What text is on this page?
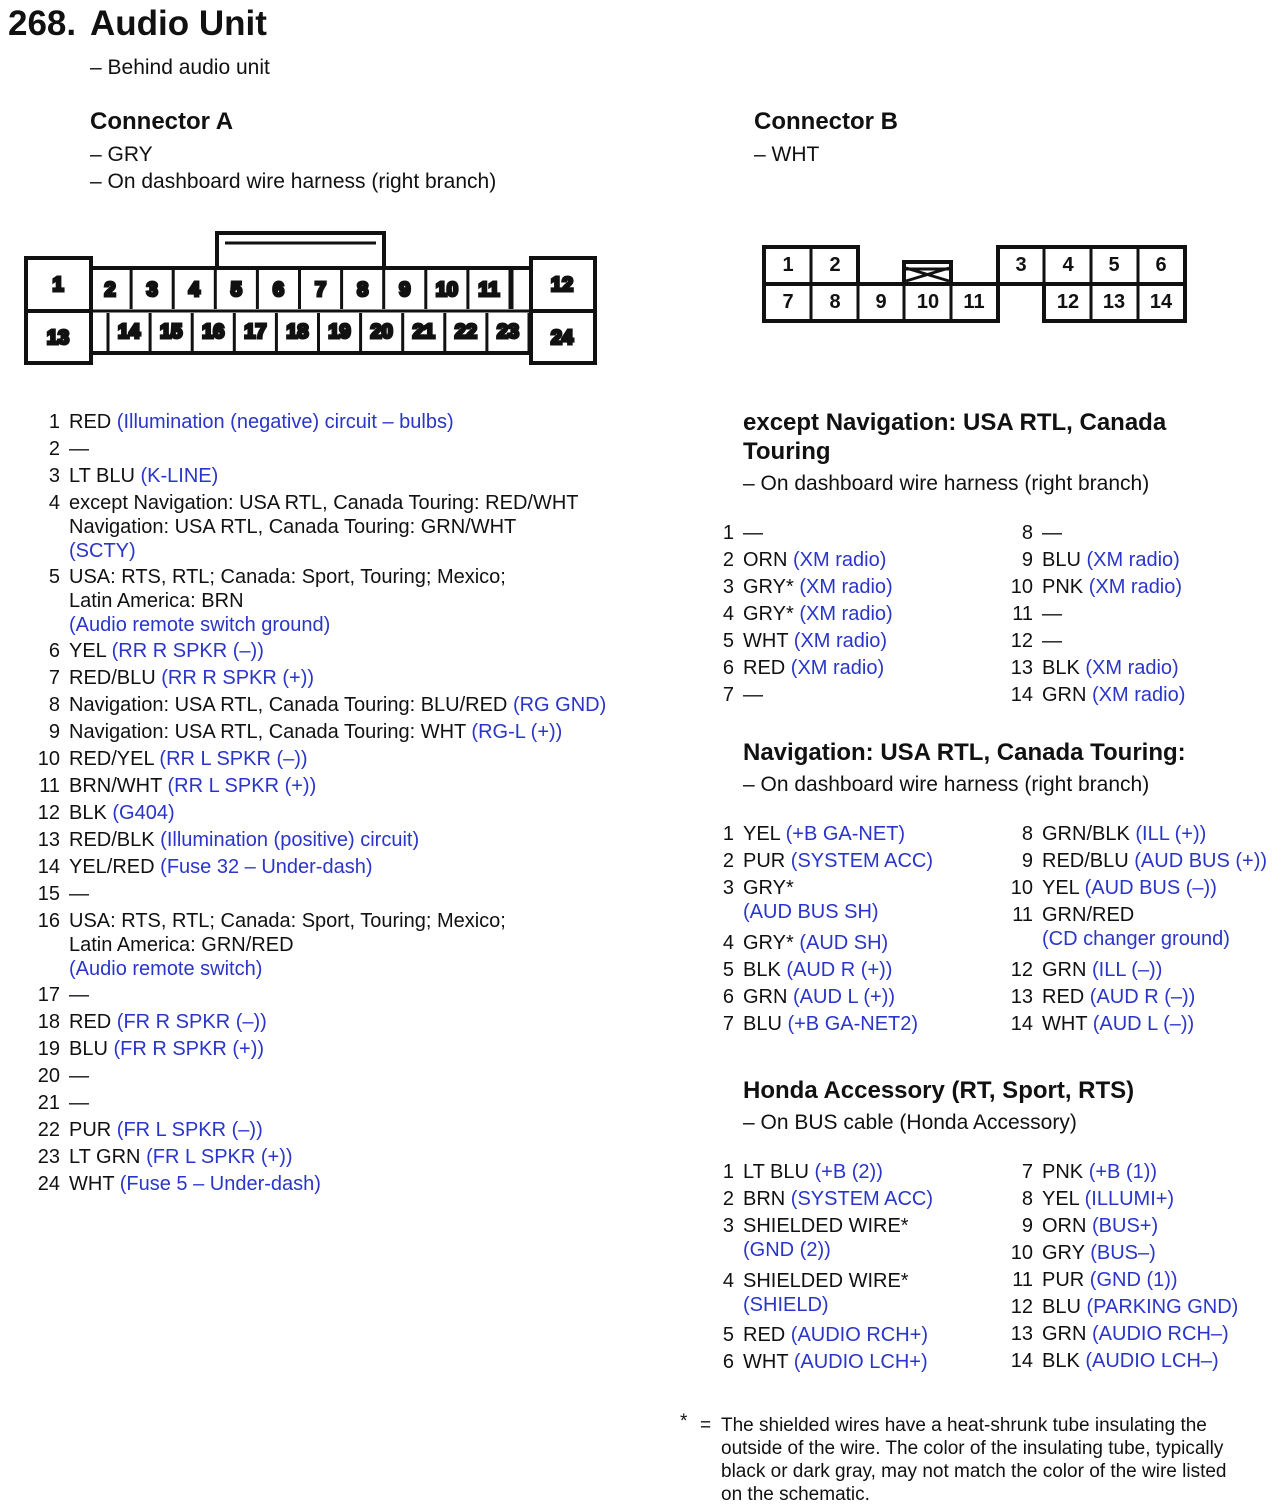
268. Audio Unit
– Behind audio unit
Connector A
– GRY
– On dashboard wire harness (right branch)
Connector B
– WHT
1	12
13	24
2 3 4 5 6 7 8 9 10 11
14 15 16 17 18 19 20 21 22 23
1 2	3 4 5 6
7 8 9 10 11	12 13 14
1 RED (Illumination (negative) circuit – bulbs)
2 —
3 LT BLU (K-LINE)
4 except Navigation: USA RTL, Canada Touring: RED/WHT
Navigation: USA RTL, Canada Touring: GRN/WHT
(SCTY)
5 USA: RTS, RTL; Canada: Sport, Touring; Mexico;
Latin America: BRN
(Audio remote switch ground)
6 YEL (RR R SPKR (–))
7 RED/BLU (RR R SPKR (+))
8 Navigation: USA RTL, Canada Touring: BLU/RED (RG GND)
9 Navigation: USA RTL, Canada Touring: WHT (RG-L (+))
10 RED/YEL (RR L SPKR (–))
11 BRN/WHT (RR L SPKR (+))
12 BLK (G404)
13 RED/BLK (Illumination (positive) circuit)
14 YEL/RED (Fuse 32 – Under-dash)
15 —
16 USA: RTS, RTL; Canada: Sport, Touring; Mexico;
Latin America: GRN/RED
(Audio remote switch)
17 —
18 RED (FR R SPKR (–))
19 BLU (FR R SPKR (+))
20 —
21 —
22 PUR (FR L SPKR (–))
23 LT GRN (FR L SPKR (+))
24 WHT (Fuse 5 – Under-dash)
except Navigation: USA RTL, Canada
Touring
– On dashboard wire harness (right branch)
1 —
2 ORN (XM radio)
3 GRY* (XM radio)
4 GRY* (XM radio)
5 WHT (XM radio)
6 RED (XM radio)
7 —
8 —
9 BLU (XM radio)
10 PNK (XM radio)
11 —
12 —
13 BLK (XM radio)
14 GRN (XM radio)
Navigation: USA RTL, Canada Touring:
– On dashboard wire harness (right branch)
1 YEL (+B GA-NET)
2 PUR (SYSTEM ACC)
3 GRY*
(AUD BUS SH)
4 GRY* (AUD SH)
5 BLK (AUD R (+))
6 GRN (AUD L (+))
7 BLU (+B GA-NET2)
8 GRN/BLK (ILL (+))
9 RED/BLU (AUD BUS (+))
10 YEL (AUD BUS (–))
11 GRN/RED
(CD changer ground)
12 GRN (ILL (–))
13 RED (AUD R (–))
14 WHT (AUD L (–))
Honda Accessory (RT, Sport, RTS)
– On BUS cable (Honda Accessory)
1 LT BLU (+B (2))
2 BRN (SYSTEM ACC)
3 SHIELDED WIRE*
(GND (2))
4 SHIELDED WIRE*
(SHIELD)
5 RED (AUDIO RCH+)
6 WHT (AUDIO LCH+)
7 PNK (+B (1))
8 YEL (ILLUMI+)
9 ORN (BUS+)
10 GRY (BUS–)
11 PUR (GND (1))
12 BLU (PARKING GND)
13 GRN (AUDIO RCH–)
14 BLK (AUDIO LCH–)
* = The shielded wires have a heat-shrunk tube insulating the
outside of the wire. The color of the insulating tube, typically
black or dark gray, may not match the color of the wire listed
on the schematic.
